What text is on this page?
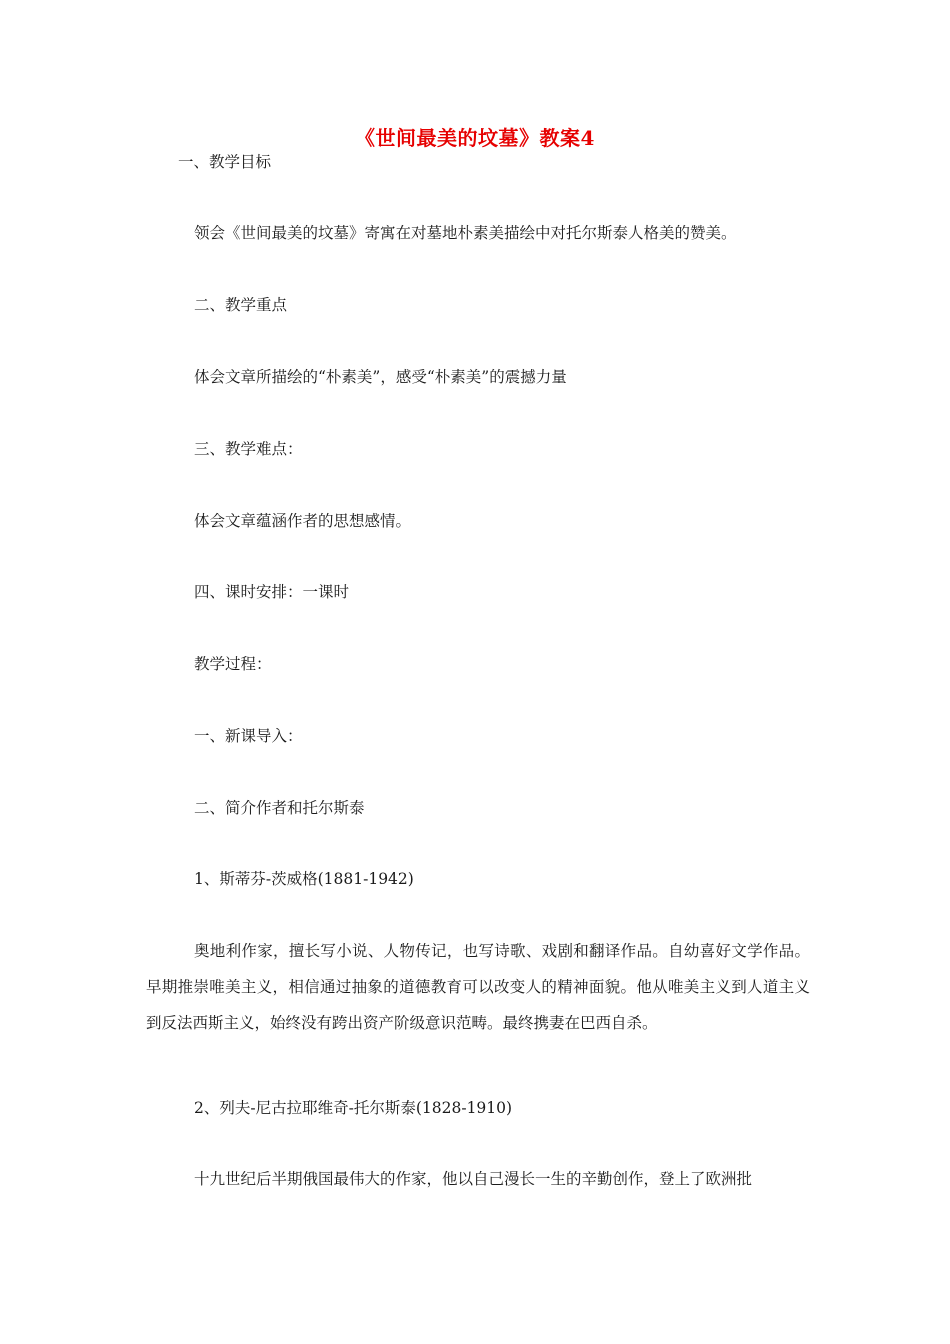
《世间最美的坟墓》教案4

一、教学目标

领会《世间最美的坟墓》寄寓在对墓地朴素美描绘中对托尔斯泰人格美的赞美。

二、教学重点

体会文章所描绘的“朴素美”，感受“朴素美”的震撼力量

三、教学难点：

体会文章蕴涵作者的思想感情。

四、课时安排：一课时

教学过程：

一、新课导入：

二、简介作者和托尔斯泰

1、斯蒂芬-茨威格(1881-1942)

奥地利作家，擅长写小说、人物传记，也写诗歌、戏剧和翻译作品。自幼喜好文学作品。早期推崇唯美主义，相信通过抽象的道德教育可以改变人的精神面貌。他从唯美主义到人道主义到反法西斯主义，始终没有跨出资产阶级意识范畴。最终携妻在巴西自杀。

2、列夫-尼古拉耶维奇-托尔斯泰(1828-1910)

十九世纪后半期俄国最伟大的作家，他以自己漫长一生的辛勤创作，登上了欧洲批
